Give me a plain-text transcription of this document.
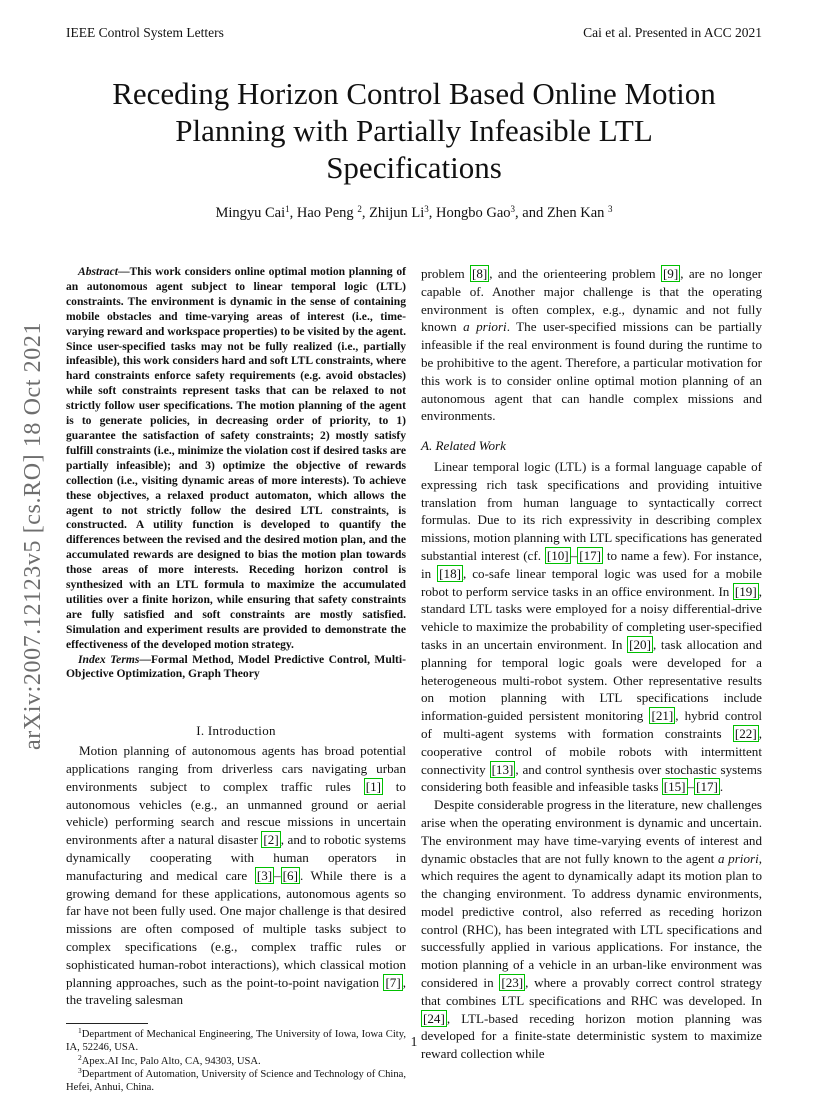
IEEE Control System Letters	Cai et al. Presented in ACC 2021
Receding Horizon Control Based Online Motion
Planning with Partially Infeasible LTL
Specifications
Mingyu Cai$^1$, Hao Peng $^2$, Zhijun Li$^3$, Hongbo Gao$^3$, and Zhen Kan $^3$
arXiv:2007.12123v5 [cs.RO] 18 Oct 2021

Abstract—This work considers online optimal motion planning of an autonomous agent subject to linear temporal logic (LTL) constraints. The environment is dynamic in the sense of containing mobile obstacles and time-varying areas of interest (i.e., time-varying reward and workspace properties) to be visited by the agent. Since user-specified tasks may not be fully realized (i.e., partially infeasible), this work considers hard and soft LTL constraints, where hard constraints enforce safety requirements (e.g. avoid obstacles) while soft constraints represent tasks that can be relaxed to not strictly follow user specifications. The motion planning of the agent is to generate policies, in decreasing order of priority, to 1) guarantee the satisfaction of safety constraints; 2) mostly satisfy fulfill constraints (i.e., minimize the violation cost if desired tasks are partially infeasible); and 3) optimize the objective of rewards collection (i.e., visiting dynamic areas of more interests). To achieve these objectives, a relaxed product automaton, which allows the agent to not strictly follow the desired LTL constraints, is constructed. A utility function is developed to quantify the differences between the revised and the desired motion plan, and the accumulated rewards are designed to bias the motion plan towards those areas of more interests. Receding horizon control is synthesized with an LTL formula to maximize the accumulated utilities over a finite horizon, while ensuring that safety constraints are fully satisfied and soft constraints are mostly satisfied. Simulation and experiment results are provided to demonstrate the effectiveness of the developed motion strategy.

Index Terms—Formal Method, Model Predictive Control, Multi-Objective Optimization, Graph Theory

I. Introduction

Motion planning of autonomous agents has broad potential applications ranging from driverless cars navigating urban environments subject to complex traffic rules [1] to autonomous vehicles (e.g., an unmanned ground or aerial vehicle) performing search and rescue missions in uncertain environments after a natural disaster [2] , and to robotic systems dynamically cooperating with human operators in manufacturing and medical care [3] – [6] . While there is a growing demand for these applications, autonomous agents so far have not been fully used. One major challenge is that desired missions are often composed of multiple tasks subject to complex specifications (e.g., complex traffic rules or sophisticated human-robot interactions), which classical motion planning approaches, such as the point-to-point navigation [7] , the traveling salesman

$^1$Department of Mechanical Engineering, The University of Iowa, Iowa City, IA, 52246, USA.

$^2$Apex.AI Inc, Palo Alto, CA, 94303, USA.

$^3$Department of Automation, University of Science and Technology of China, Hefei, Anhui, China.

problem [8] , and the orienteering problem [9] , are no longer capable of. Another major challenge is that the operating environment is often complex, e.g., dynamic and not fully known a priori. The user-specified missions can be partially infeasible if the real environment is found during the runtime to be prohibitive to the agent. Therefore, a particular motivation for this work is to consider online optimal motion planning of an autonomous agent that can handle complex missions and environments.

A. Related Work

Linear temporal logic (LTL) is a formal language capable of expressing rich task specifications and providing intuitive translation from human language to syntactically correct formulas. Due to its rich expressivity in describing complex missions, motion planning with LTL specifications has generated substantial interest (cf. [10] – [17] to name a few). For instance, in [18] , co-safe linear temporal logic was used for a mobile robot to perform service tasks in an office environment. In [19] , standard LTL tasks were employed for a noisy differential-drive vehicle to maximize the probability of completing user-specified tasks in an uncertain environment. In [20] , task allocation and planning for temporal logic goals were developed for a heterogeneous multi-robot system. Other representative results on motion planning with LTL specifications include information-guided persistent monitoring [21] , hybrid control of multi-agent systems with formation constraints [22] , cooperative control of mobile robots with intermittent connectivity [13] , and control synthesis over stochastic systems considering both feasible and infeasible tasks [15] – [17] .

Despite considerable progress in the literature, new challenges arise when the operating environment is dynamic and uncertain. The environment may have time-varying events of interest and dynamic obstacles that are not fully known to the agent a priori, which requires the agent to dynamically adapt its motion plan to the changing environment. To address dynamic environments, model predictive control, also referred as receding horizon control (RHC), has been integrated with LTL specifications and successfully applied in various applications. For instance, the motion planning of a vehicle in an urban-like environment was considered in [23] , where a provably correct control strategy that combines LTL specifications and RHC was developed. In [24] , LTL-based receding horizon motion planning was developed for a finite-state deterministic system to maximize reward collection while

1
